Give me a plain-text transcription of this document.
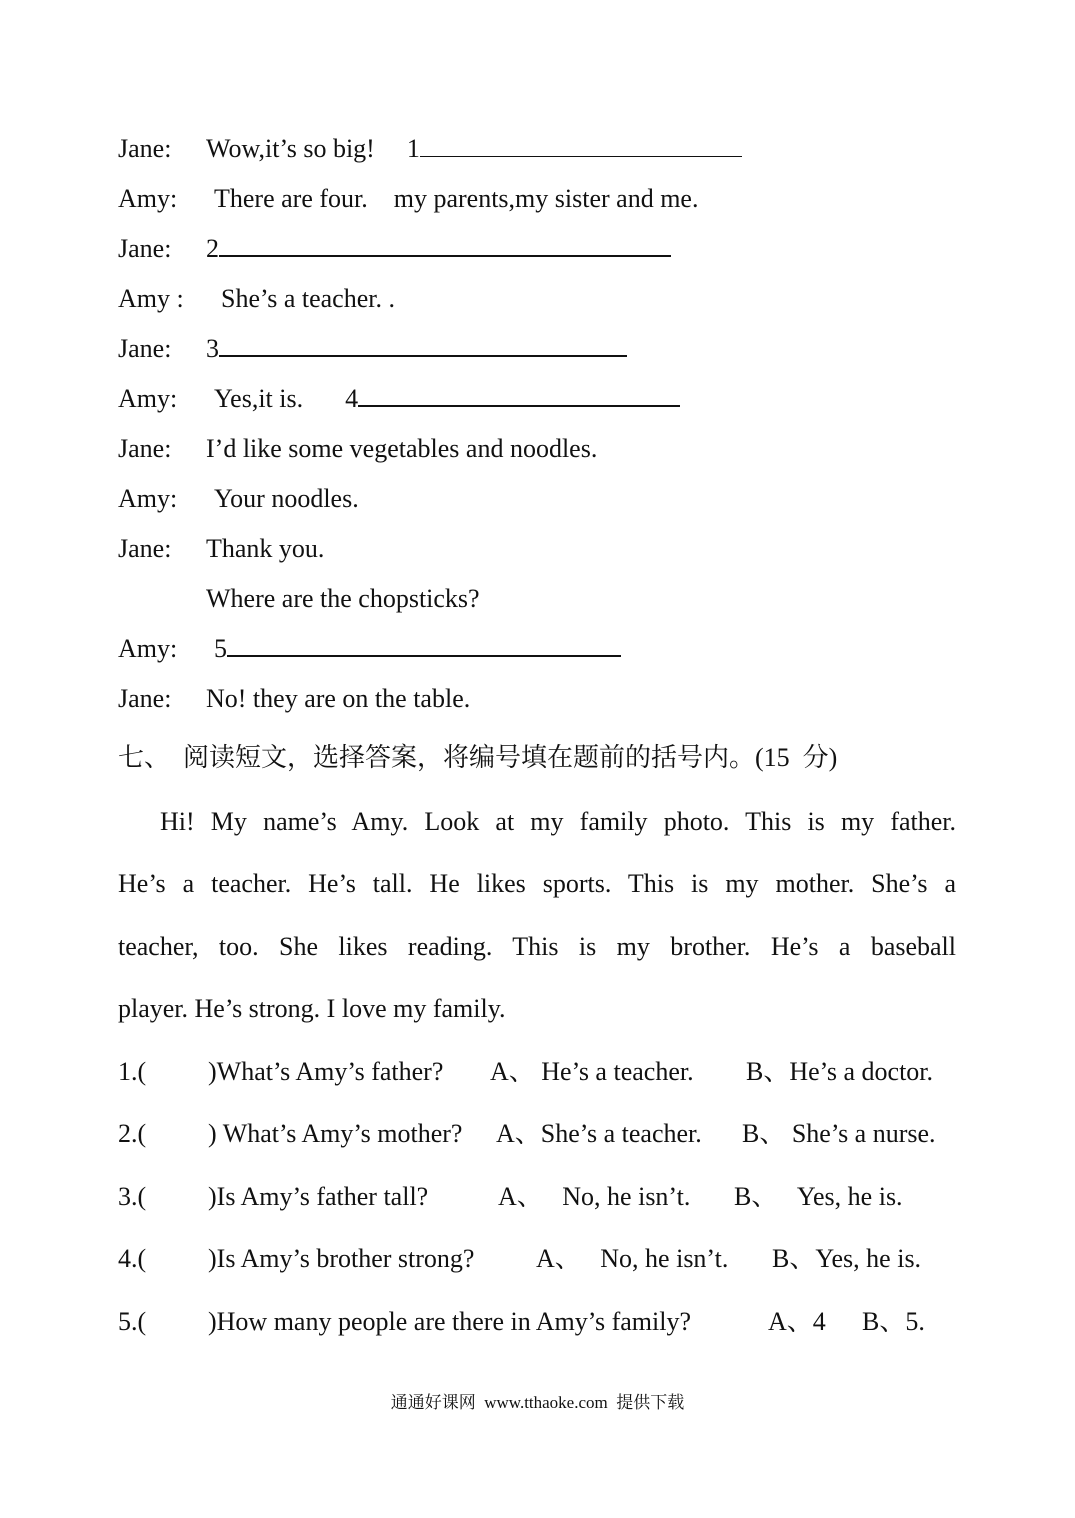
Jane: Wow,it’s so big! 1
Amy: There are four.    my parents,my sister and me.
Jane: 2
Amy : She’s a teacher. .
Jane: 3
Amy: Yes,it is. 4
Jane: I’d like some vegetables and noodles.
Amy: Your noodles.
Jane: Thank you.
Where are the chopsticks?
Amy: 5
Jane: No! they are on the table.
七、  阅读短文，选择答案，将编号填在题前的括号内。(15  分)
Hi! My name’s Amy. Look at my family photo. This is my father.
He’s a teacher. He’s tall. He likes sports. This is my mother. She’s a
teacher, too. She likes reading. This is my brother. He’s a baseball
player. He’s strong. I love my family.
1.( )What’s Amy’s father? A、 He’s a teacher. B、He’s a doctor.
2.( ) What’s Amy’s mother? A、She’s a teacher. B、 She’s a nurse.
3.( )Is Amy’s father tall?	A、   No, he isn’t. B、   Yes, he is.
4.( )Is Amy’s brother strong? A、   No, he isn’t. B、Yes, he is.
5.( )How many people are there in Amy’s family?	A、4 B、5.
通通好课网  www.tthaoke.com  提供下载
